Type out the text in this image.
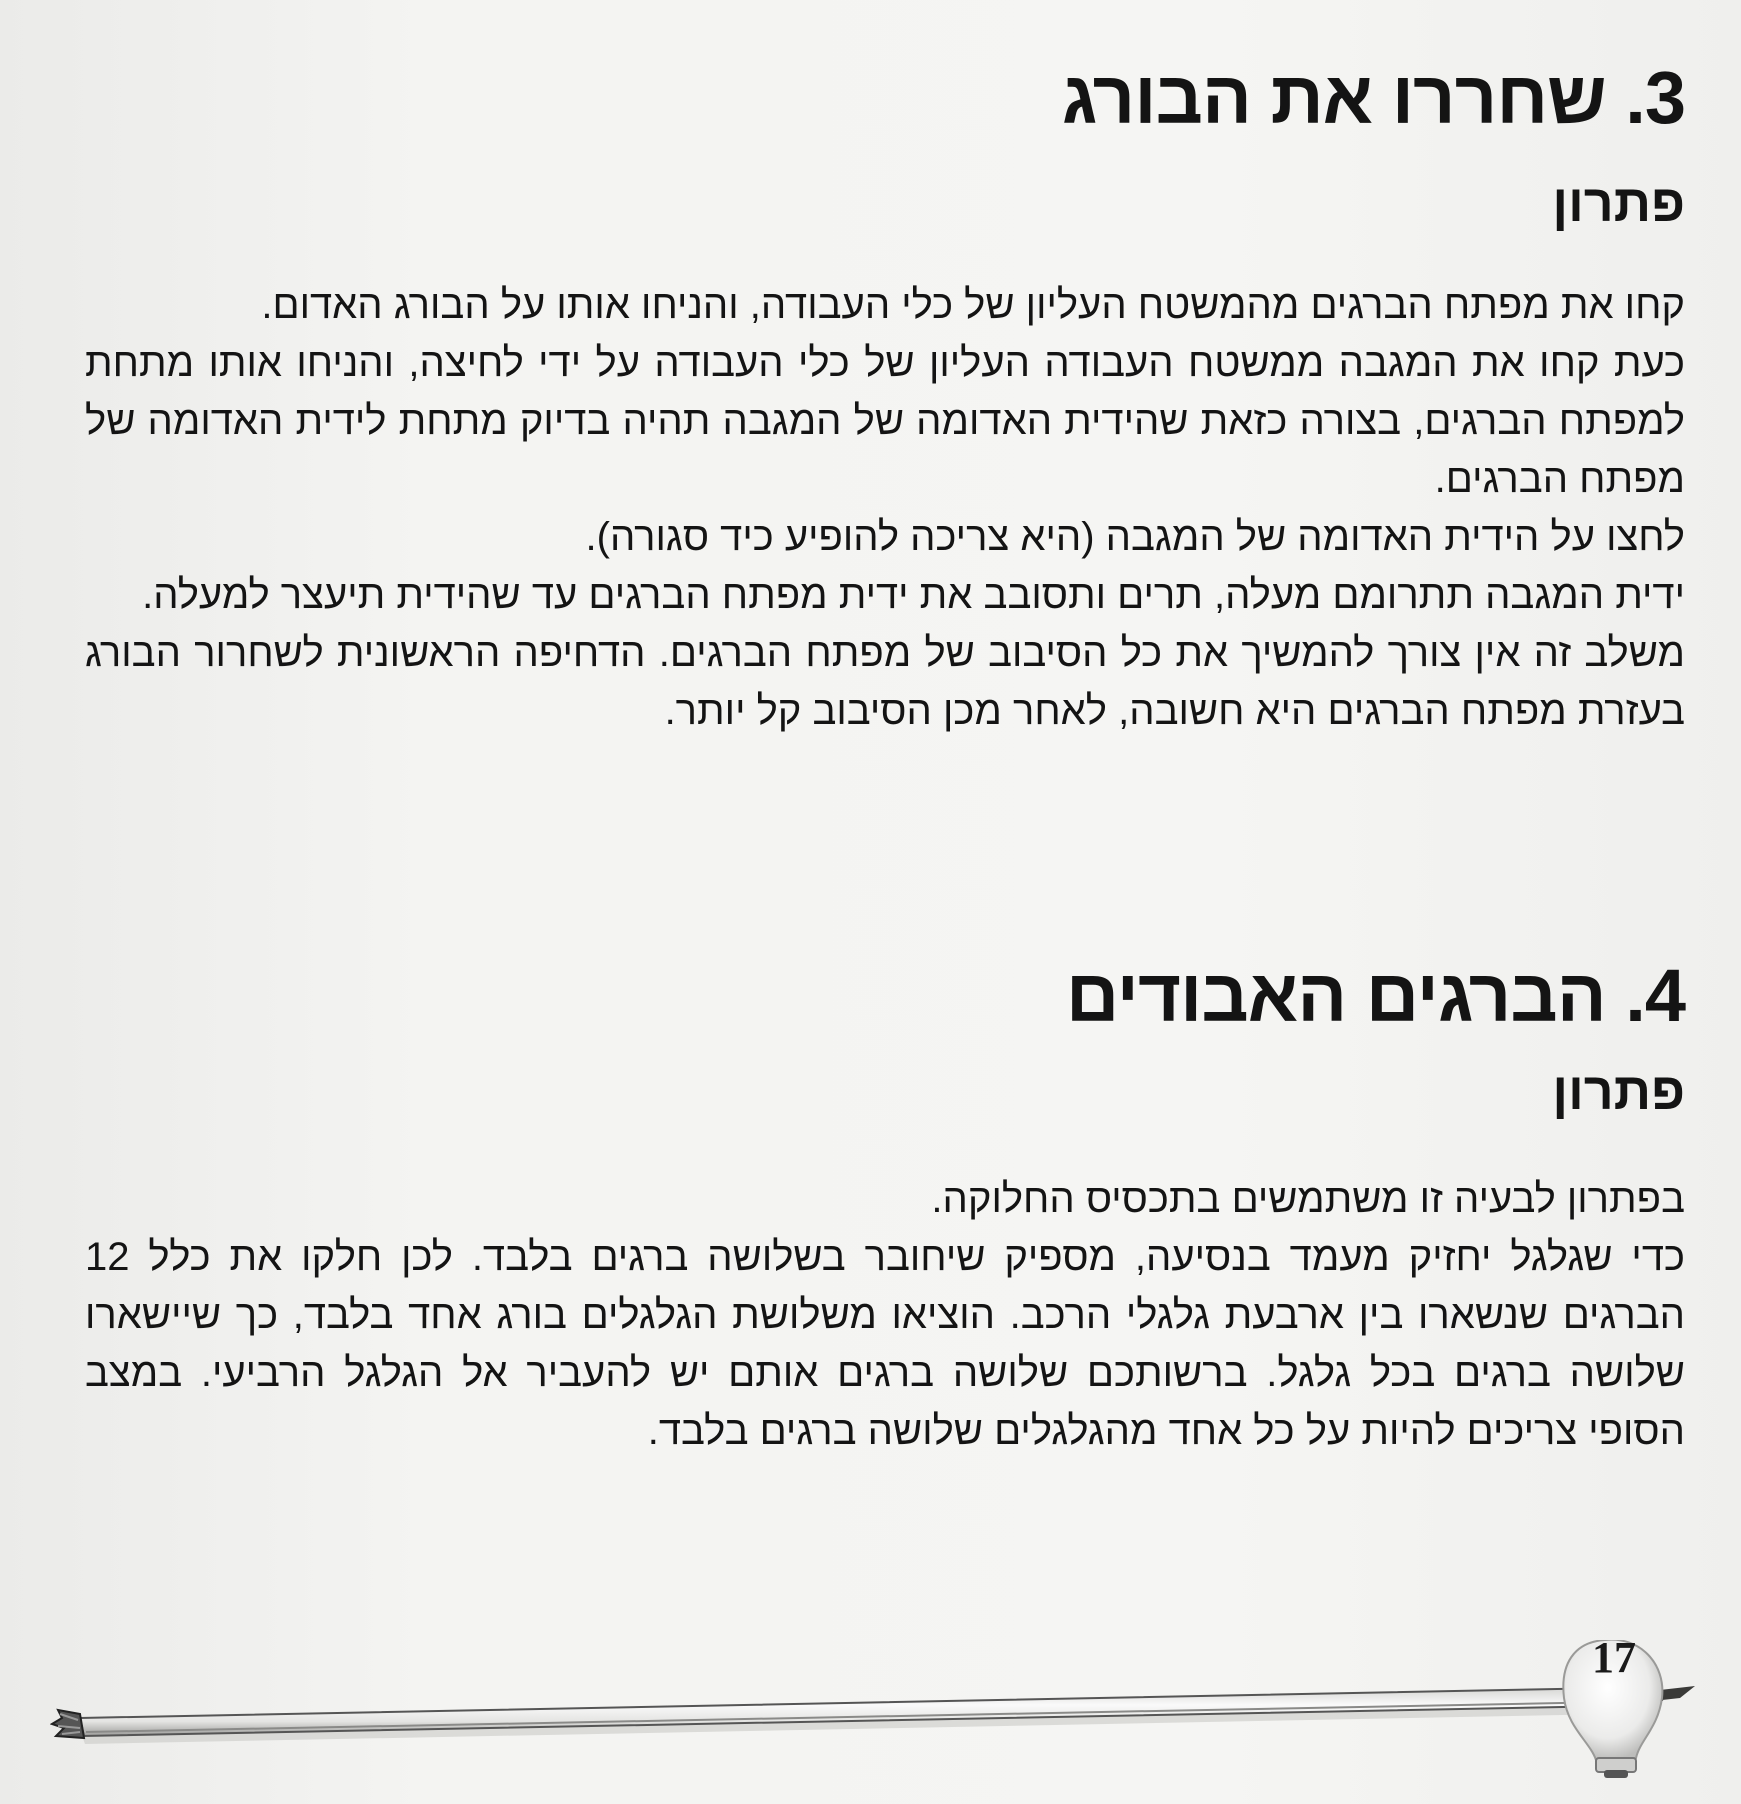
3. שחררו את הבורג
פתרון

קחו את מפתח הברגים מהמשטח העליון של כלי העבודה, והניחו אותו על הבורג האדום.

כעת קחו את המגבה ממשטח העבודה העליון של כלי העבודה על ידי לחיצה, והניחו אותו מתחת למפתח הברגים, בצורה כזאת שהידית האדומה של המגבה תהיה בדיוק מתחת לידית האדומה של מפתח הברגים.

לחצו על הידית האדומה של המגבה (היא צריכה להופיע כיד סגורה).

ידית המגבה תתרומם מעלה, תרים ותסובב את ידית מפתח הברגים עד שהידית תיעצר למעלה.

משלב זה אין צורך להמשיך את כל הסיבוב של מפתח הברגים. הדחיפה הראשונית לשחרור הבורג בעזרת מפתח הברגים היא חשובה, לאחר מכן הסיבוב קל יותר.

4. הברגים האבודים
פתרון

בפתרון לבעיה זו משתמשים בתכסיס החלוקה.

כדי שגלגל יחזיק מעמד בנסיעה, מספיק שיחובר בשלושה ברגים בלבד. לכן חלקו את כלל 12 הברגים שנשארו בין ארבעת גלגלי הרכב. הוציאו משלושת הגלגלים בורג אחד בלבד, כך שיישארו שלושה ברגים בכל גלגל. ברשותכם שלושה ברגים אותם יש להעביר אל הגלגל הרביעי. במצב הסופי צריכים להיות על כל אחד מהגלגלים שלושה ברגים בלבד.

17
